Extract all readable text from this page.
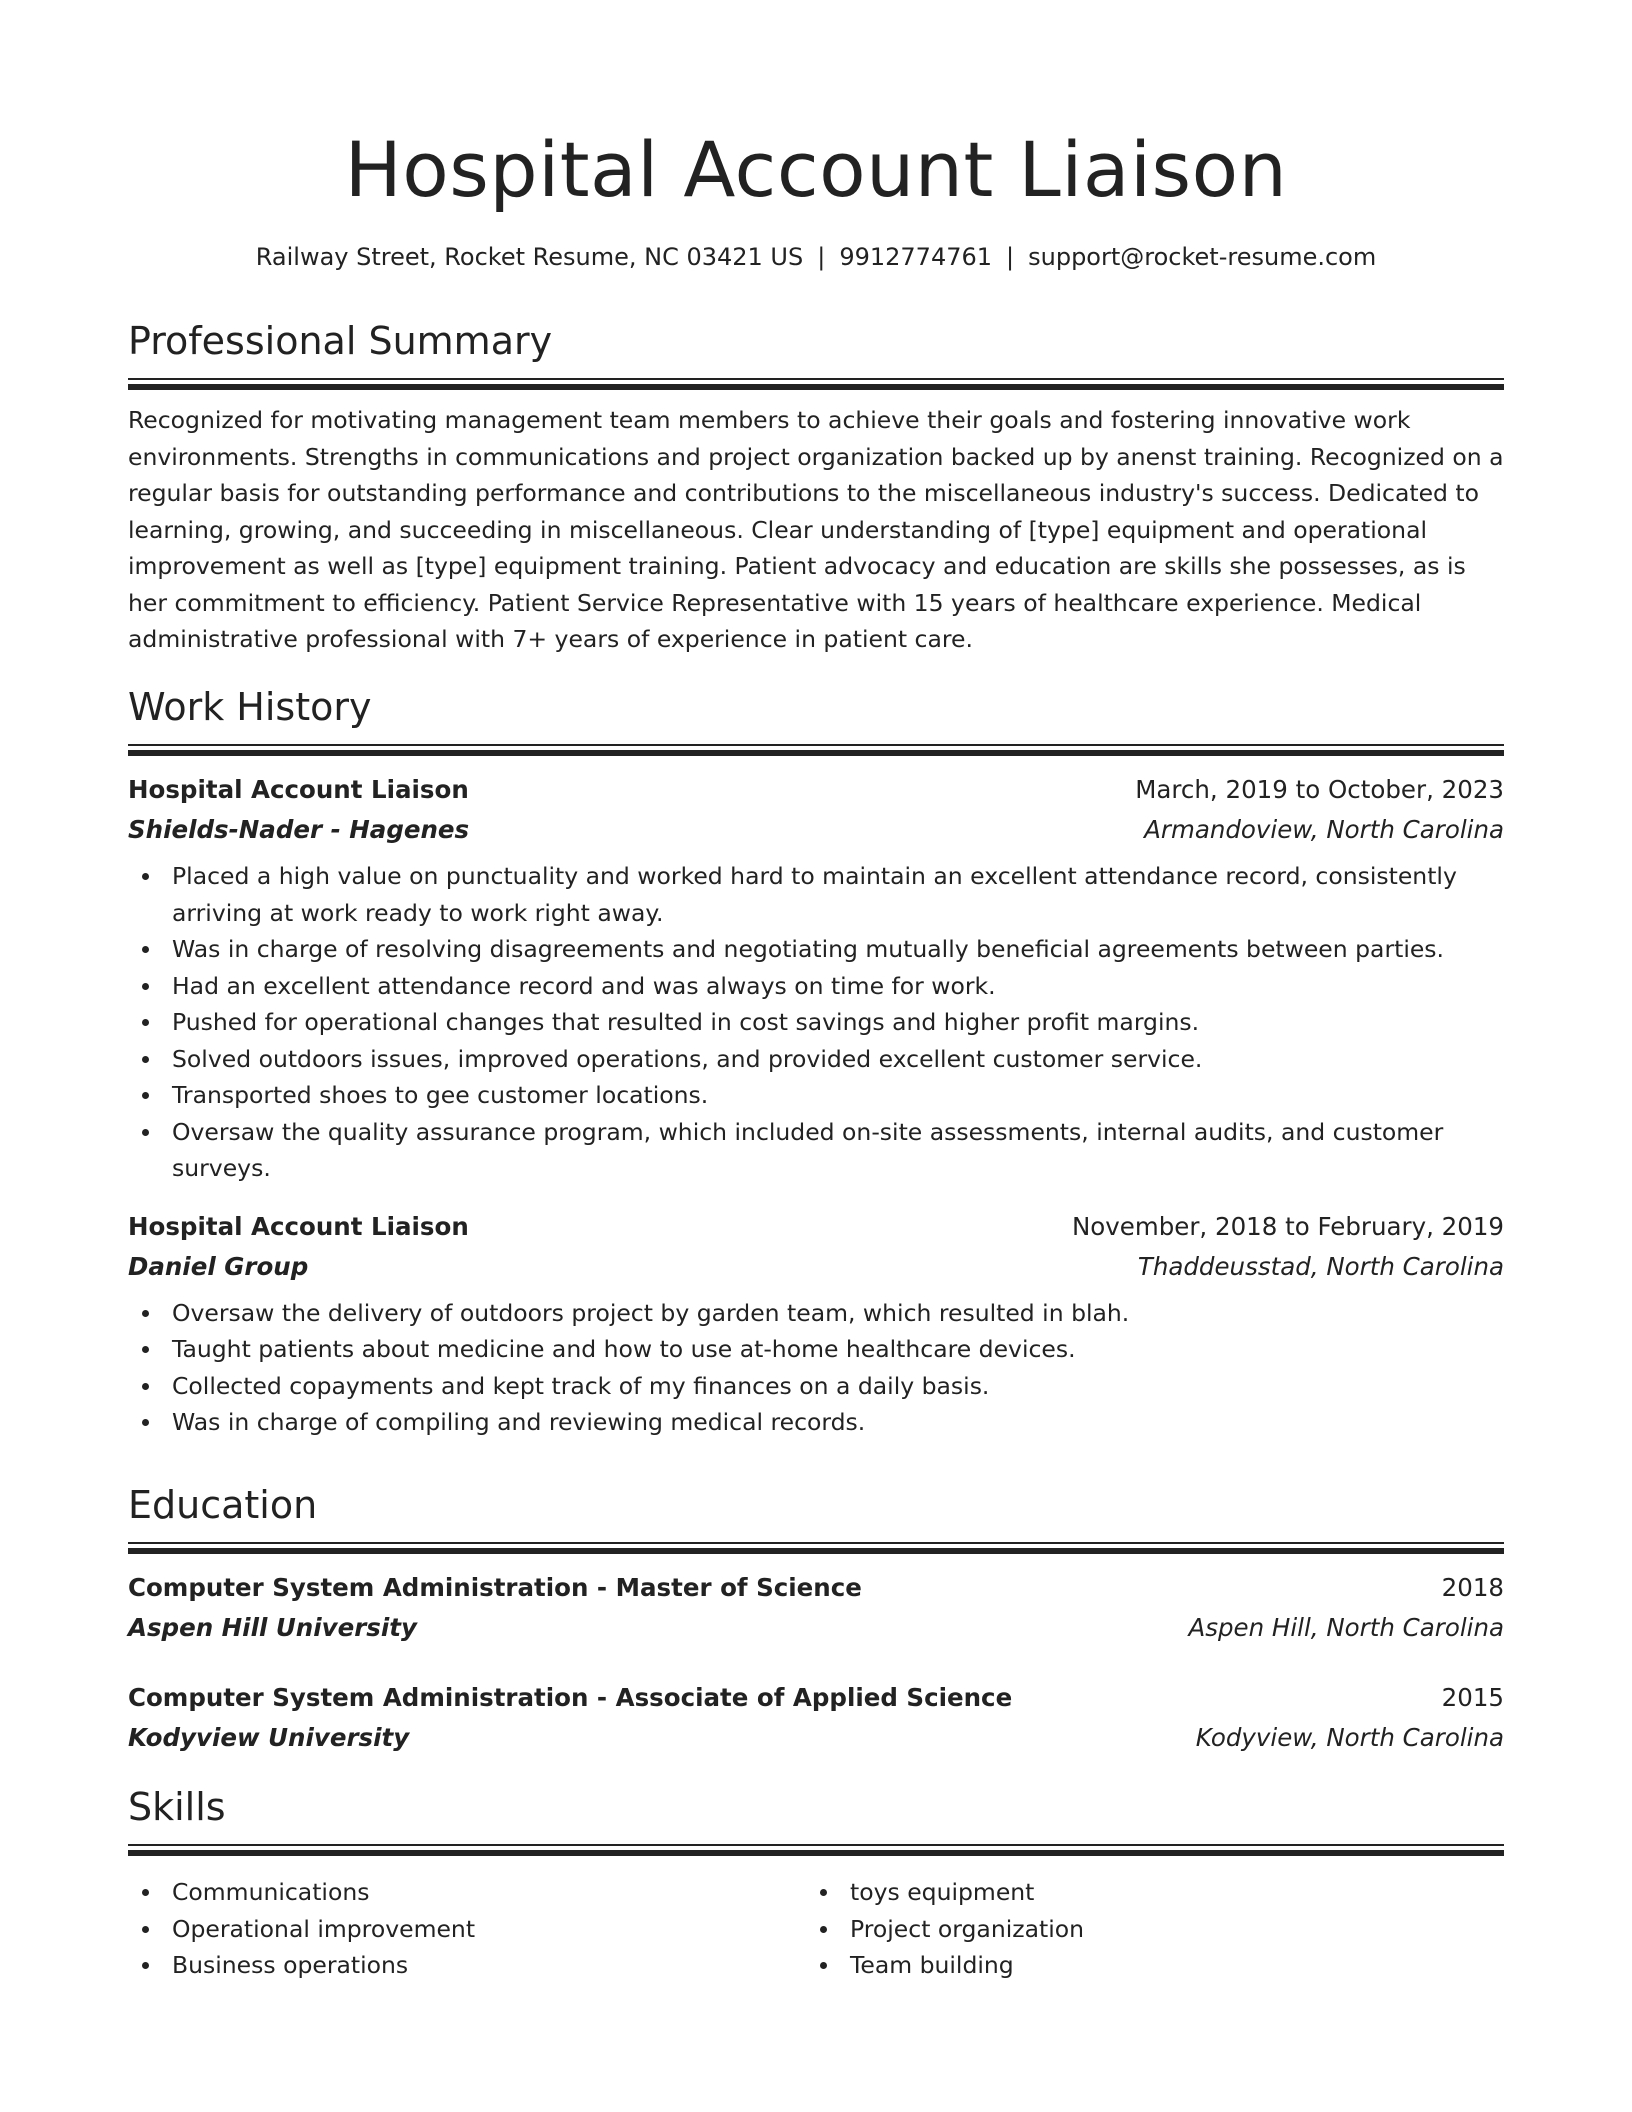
Hospital Account Liaison
Railway Street, Rocket Resume, NC 03421 US | 9912774761 | support@rocket-resume.com
Professional Summary

Recognized for motivating management team members to achieve their goals and fostering innovative work environments. Strengths in communications and project organization backed up by anenst training. Recognized on a regular basis for outstanding performance and contributions to the miscellaneous industry's success. Dedicated to learning, growing, and succeeding in miscellaneous. Clear understanding of [type] equipment and operational improvement as well as [type] equipment training. Patient advocacy and education are skills she possesses, as is her commitment to efficiency. Patient Service Representative with 15 years of healthcare experience. Medical administrative professional with 7+ years of experience in patient care.

Work History
Hospital Account Liaison	March, 2019 to October, 2023
Shields-Nader - Hagenes	Armandoview, North Carolina
Placed a high value on punctuality and worked hard to maintain an excellent attendance record, consistently arriving at work ready to work right away.
Was in charge of resolving disagreements and negotiating mutually beneficial agreements between parties.
Had an excellent attendance record and was always on time for work.
Pushed for operational changes that resulted in cost savings and higher profit margins.
Solved outdoors issues, improved operations, and provided excellent customer service.
Transported shoes to gee customer locations.
Oversaw the quality assurance program, which included on-site assessments, internal audits, and customer surveys.
Hospital Account Liaison	November, 2018 to February, 2019
Daniel Group	Thaddeusstad, North Carolina
Oversaw the delivery of outdoors project by garden team, which resulted in blah.
Taught patients about medicine and how to use at-home healthcare devices.
Collected copayments and kept track of my finances on a daily basis.
Was in charge of compiling and reviewing medical records.
Education
Computer System Administration - Master of Science	2018
Aspen Hill University	Aspen Hill, North Carolina
Computer System Administration - Associate of Applied Science	2015
Kodyview University	Kodyview, North Carolina
Skills
Communications
Operational improvement
Business operations
toys equipment
Project organization
Team building
